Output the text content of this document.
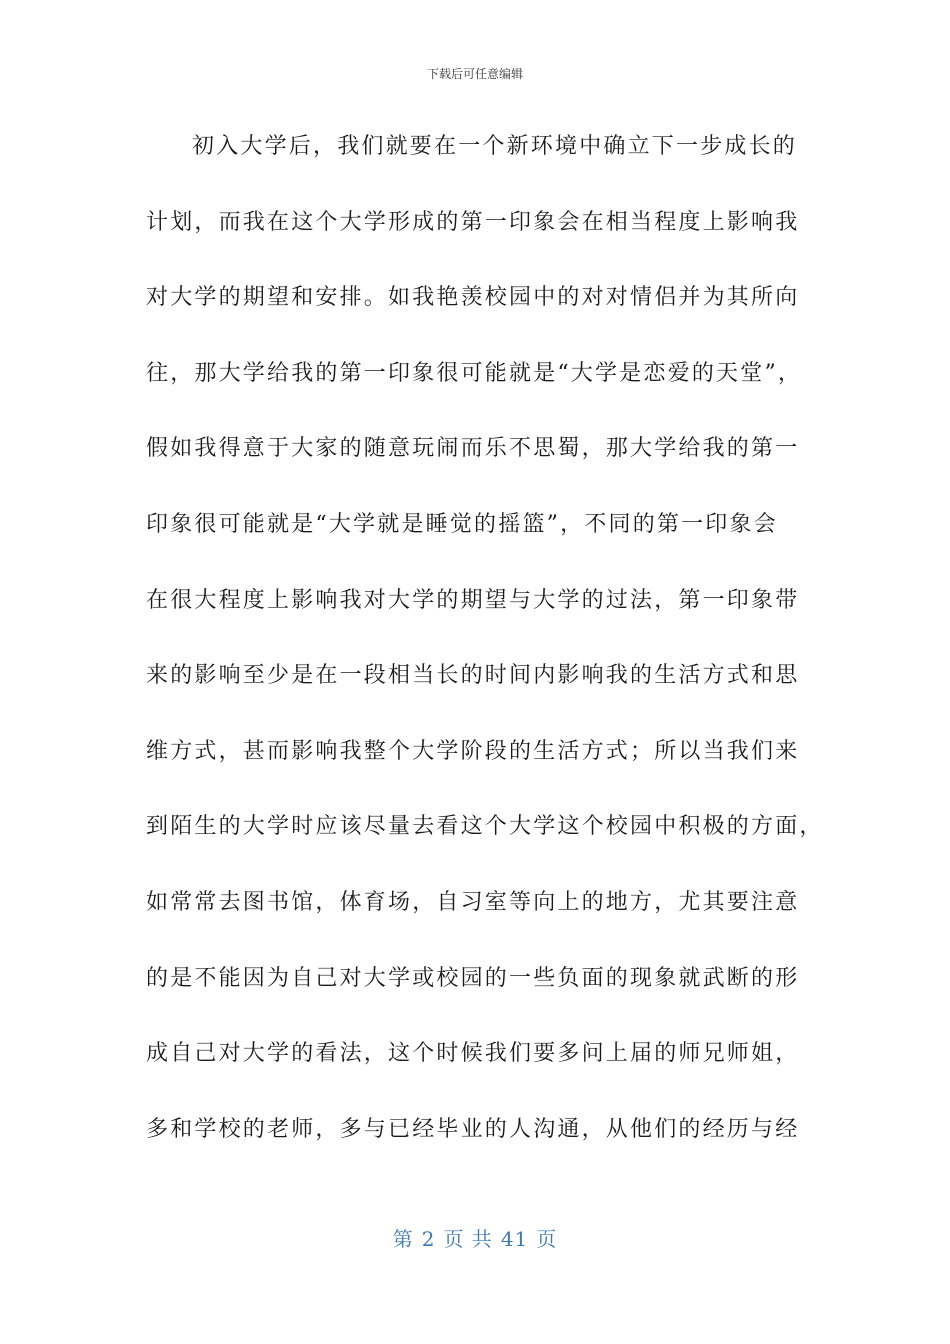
下载后可任意编辑
初入大学后，我们就要在一个新环境中确立下一步成长的
计划，而我在这个大学形成的第一印象会在相当程度上影响我
对大学的期望和安排。如我艳羡校园中的对对情侣并为其所向
往，那大学给我的第一印象很可能就是“大学是恋爱的天堂”，
假如我得意于大家的随意玩闹而乐不思蜀，那大学给我的第一
印象很可能就是“大学就是睡觉的摇篮”，不同的第一印象会
在很大程度上影响我对大学的期望与大学的过法，第一印象带
来的影响至少是在一段相当长的时间内影响我的生活方式和思
维方式，甚而影响我整个大学阶段的生活方式；所以当我们来
到陌生的大学时应该尽量去看这个大学这个校园中积极的方面，
如常常去图书馆，体育场，自习室等向上的地方，尤其要注意
的是不能因为自己对大学或校园的一些负面的现象就武断的形
成自己对大学的看法，这个时候我们要多问上届的师兄师姐，
多和学校的老师，多与已经毕业的人沟通，从他们的经历与经
第 2 页 共 41 页
